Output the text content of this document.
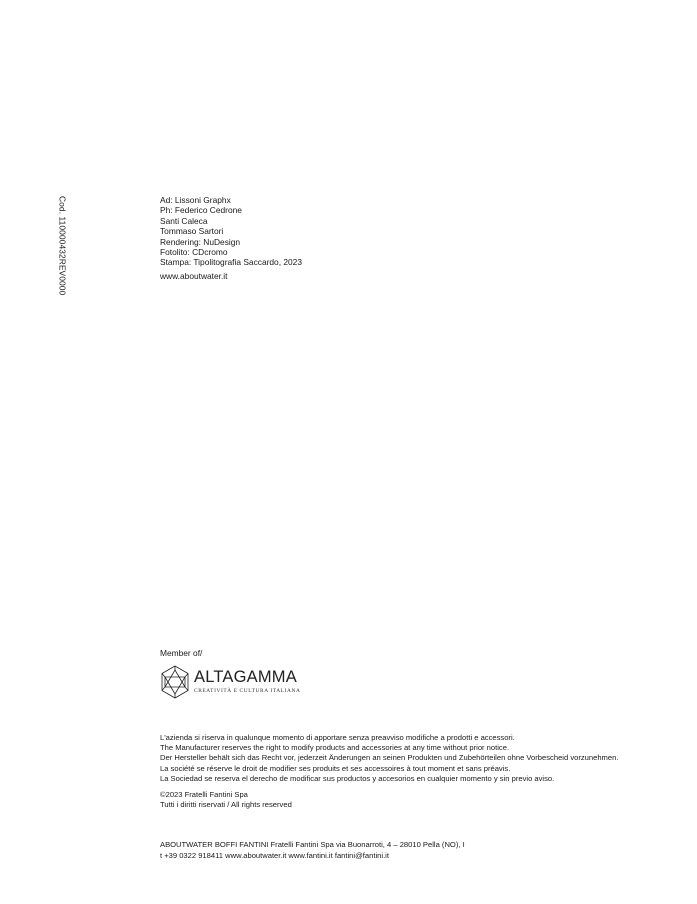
Cod. 110000432REV0000	Ad: Lissoni Graphx
Ph: Federico Cedrone
Santi Caleca
Tommaso Sartori
Rendering: NuDesign
Fotolito: CDcromo
Stampa: Tipolitografia Saccardo, 2023
www.aboutwater.it
Member of/
ALTAGAMMA
CREATIVITÀ E CULTURA ITALIANA
L'azienda si riserva in qualunque momento di apportare senza preavviso modifiche a prodotti e accessori.
The Manufacturer reserves the right to modify products and accessories at any time without prior notice.
Der Hersteller behält sich das Recht vor, jederzeit Änderungen an seinen Produkten und Zubehörteilen ohne Vorbescheid vorzunehmen.
La société se réserve le droit de modifier ses produits et ses accessoires à tout moment et sans préavis.
La Sociedad se reserva el derecho de modificar sus productos y accesorios en cualquier momento y sin previo aviso.
©2023 Fratelli Fantini Spa
Tutti i diritti riservati / All rights reserved
ABOUTWATER BOFFI FANTINI Fratelli Fantini Spa via Buonarroti, 4 – 28010 Pella (NO), I
t +39 0322 918411 www.aboutwater.it www.fantini.it fantini@fantini.it
